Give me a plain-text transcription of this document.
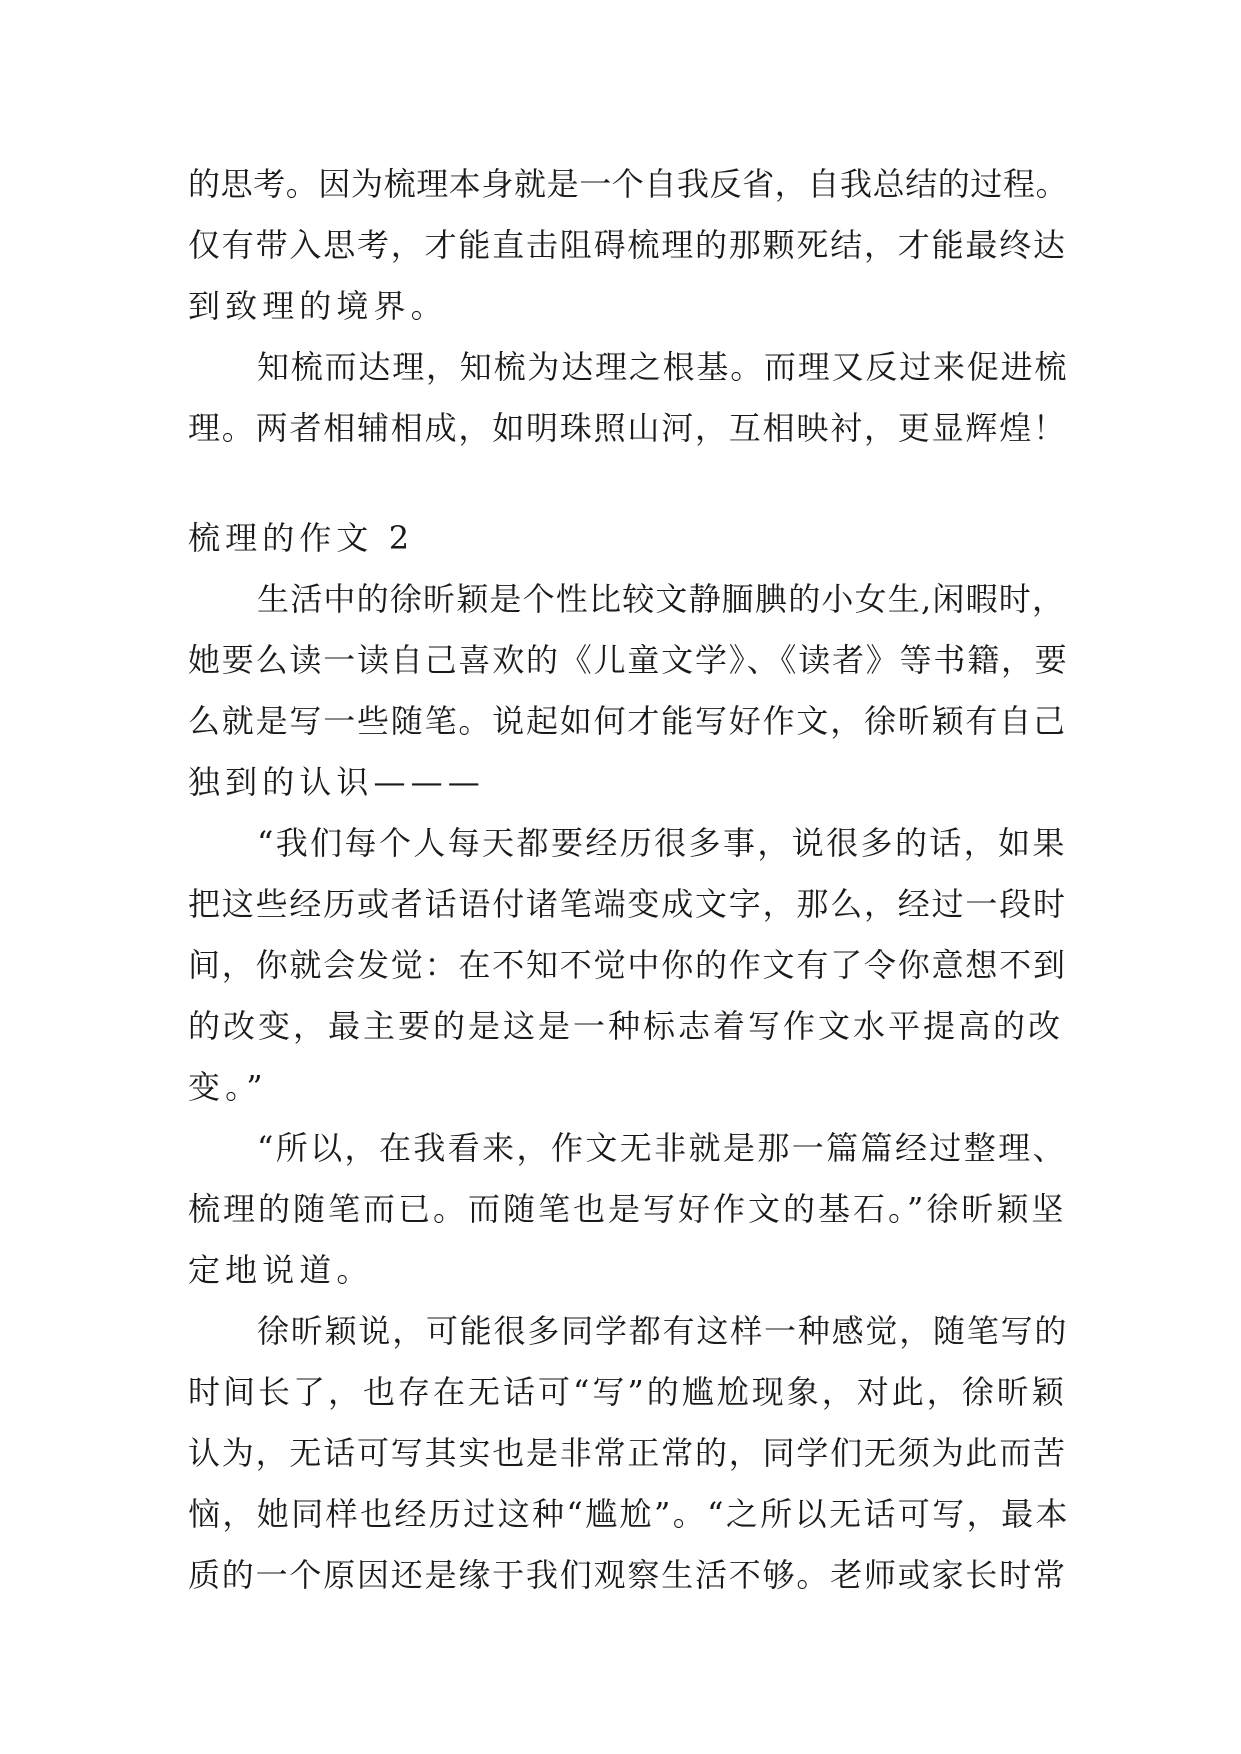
的思考。因为梳理本身就是一个自我反省，自我总结的过程。
仅有带入思考，才能直击阻碍梳理的那颗死结，才能最终达
到致理的境界。
知梳而达理，知梳为达理之根基。而理又反过来促进梳
理。两者相辅相成，如明珠照山河，互相映衬，更显辉煌！
梳理的作文 2
生活中的徐昕颖是个性比较文静腼腆的小女生,闲暇时，
她要么读一读自己喜欢的《儿童文学》、《读者》等书籍，要
么就是写一些随笔。说起如何才能写好作文，徐昕颖有自己
独到的认识———
“我们每个人每天都要经历很多事，说很多的话，如果
把这些经历或者话语付诸笔端变成文字，那么，经过一段时
间，你就会发觉：在不知不觉中你的作文有了令你意想不到
的改变，最主要的是这是一种标志着写作文水平提高的改
变。”
“所以，在我看来，作文无非就是那一篇篇经过整理、
梳理的随笔而已。而随笔也是写好作文的基石。”徐昕颖坚
定地说道。
徐昕颖说，可能很多同学都有这样一种感觉，随笔写的
时间长了，也存在无话可“写”的尴尬现象，对此，徐昕颖
认为，无话可写其实也是非常正常的，同学们无须为此而苦
恼，她同样也经历过这种“尴尬”。“之所以无话可写，最本
质的一个原因还是缘于我们观察生活不够。老师或家长时常
